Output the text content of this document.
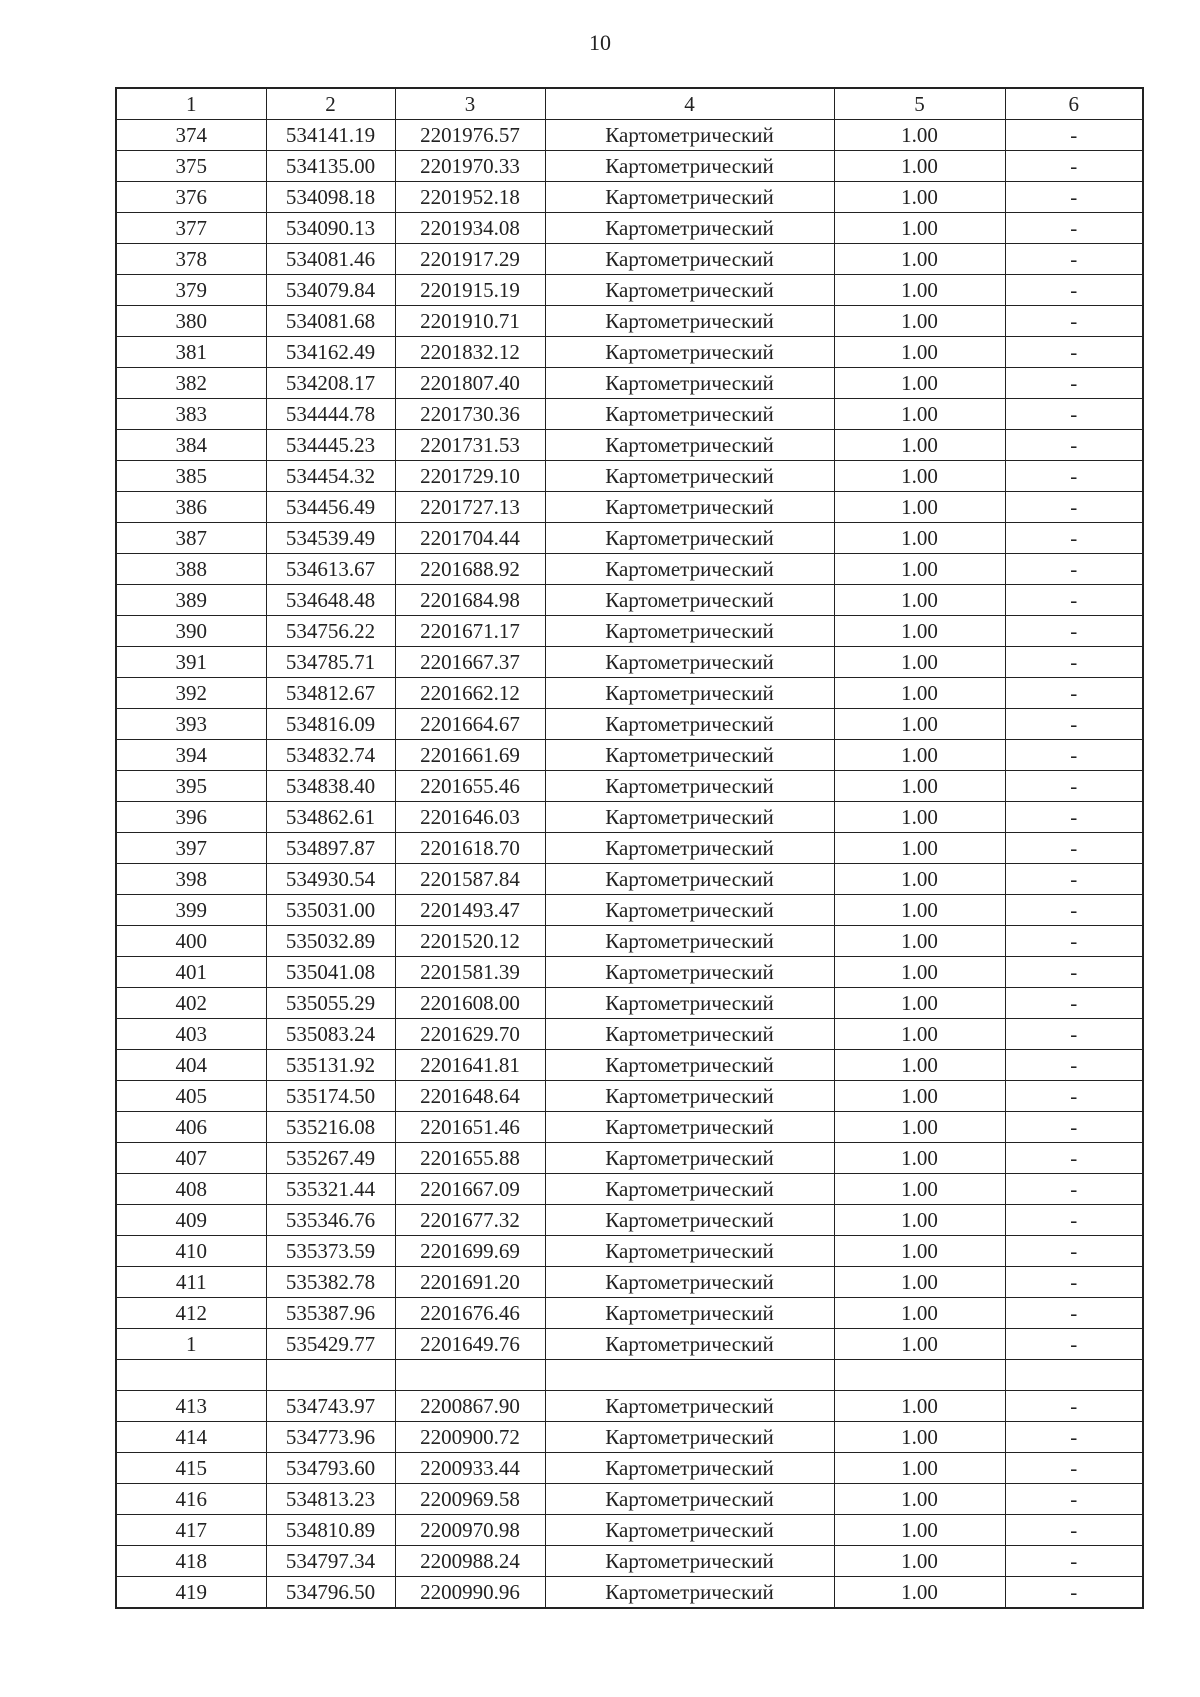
10
1	2	3	4	5	6
374	534141.19	2201976.57	Картометрический	1.00	-
375	534135.00	2201970.33	Картометрический	1.00	-
376	534098.18	2201952.18	Картометрический	1.00	-
377	534090.13	2201934.08	Картометрический	1.00	-
378	534081.46	2201917.29	Картометрический	1.00	-
379	534079.84	2201915.19	Картометрический	1.00	-
380	534081.68	2201910.71	Картометрический	1.00	-
381	534162.49	2201832.12	Картометрический	1.00	-
382	534208.17	2201807.40	Картометрический	1.00	-
383	534444.78	2201730.36	Картометрический	1.00	-
384	534445.23	2201731.53	Картометрический	1.00	-
385	534454.32	2201729.10	Картометрический	1.00	-
386	534456.49	2201727.13	Картометрический	1.00	-
387	534539.49	2201704.44	Картометрический	1.00	-
388	534613.67	2201688.92	Картометрический	1.00	-
389	534648.48	2201684.98	Картометрический	1.00	-
390	534756.22	2201671.17	Картометрический	1.00	-
391	534785.71	2201667.37	Картометрический	1.00	-
392	534812.67	2201662.12	Картометрический	1.00	-
393	534816.09	2201664.67	Картометрический	1.00	-
394	534832.74	2201661.69	Картометрический	1.00	-
395	534838.40	2201655.46	Картометрический	1.00	-
396	534862.61	2201646.03	Картометрический	1.00	-
397	534897.87	2201618.70	Картометрический	1.00	-
398	534930.54	2201587.84	Картометрический	1.00	-
399	535031.00	2201493.47	Картометрический	1.00	-
400	535032.89	2201520.12	Картометрический	1.00	-
401	535041.08	2201581.39	Картометрический	1.00	-
402	535055.29	2201608.00	Картометрический	1.00	-
403	535083.24	2201629.70	Картометрический	1.00	-
404	535131.92	2201641.81	Картометрический	1.00	-
405	535174.50	2201648.64	Картометрический	1.00	-
406	535216.08	2201651.46	Картометрический	1.00	-
407	535267.49	2201655.88	Картометрический	1.00	-
408	535321.44	2201667.09	Картометрический	1.00	-
409	535346.76	2201677.32	Картометрический	1.00	-
410	535373.59	2201699.69	Картометрический	1.00	-
411	535382.78	2201691.20	Картометрический	1.00	-
412	535387.96	2201676.46	Картометрический	1.00	-
1	535429.77	2201649.76	Картометрический	1.00	-

413	534743.97	2200867.90	Картометрический	1.00	-
414	534773.96	2200900.72	Картометрический	1.00	-
415	534793.60	2200933.44	Картометрический	1.00	-
416	534813.23	2200969.58	Картометрический	1.00	-
417	534810.89	2200970.98	Картометрический	1.00	-
418	534797.34	2200988.24	Картометрический	1.00	-
419	534796.50	2200990.96	Картометрический	1.00	-
